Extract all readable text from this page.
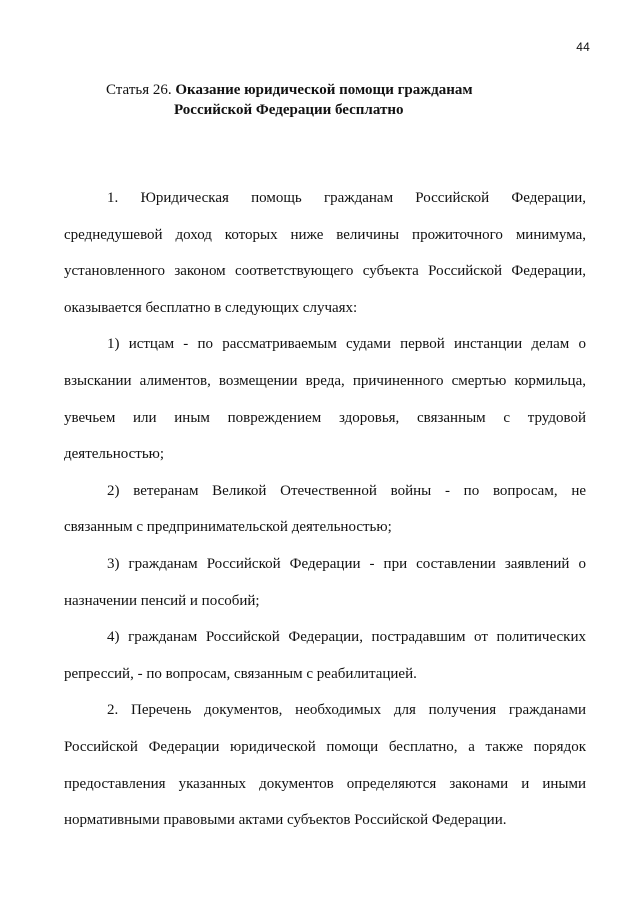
44
Статья 26. Оказание юридической помощи гражданам
Российской Федерации бесплатно

1. Юридическая помощь гражданам Российской Федерации,

среднедушевой доход которых ниже величины прожиточного минимума,

установленного законом соответствующего субъекта Российской Федерации,

оказывается бесплатно в следующих случаях:

1) истцам - по рассматриваемым судами первой инстанции делам о

взыскании алиментов, возмещении вреда, причиненного смертью кормильца,

увечьем или иным повреждением здоровья, связанным с трудовой

деятельностью;

2) ветеранам Великой Отечественной войны - по вопросам, не

связанным с предпринимательской деятельностью;

3) гражданам Российской Федерации - при составлении заявлений о

назначении пенсий и пособий;

4) гражданам Российской Федерации, пострадавшим от политических

репрессий, - по вопросам, связанным с реабилитацией.

2. Перечень документов, необходимых для получения гражданами

Российской Федерации юридической помощи бесплатно, а также порядок

предоставления указанных документов определяются законами и иными

нормативными правовыми актами субъектов Российской Федерации.
